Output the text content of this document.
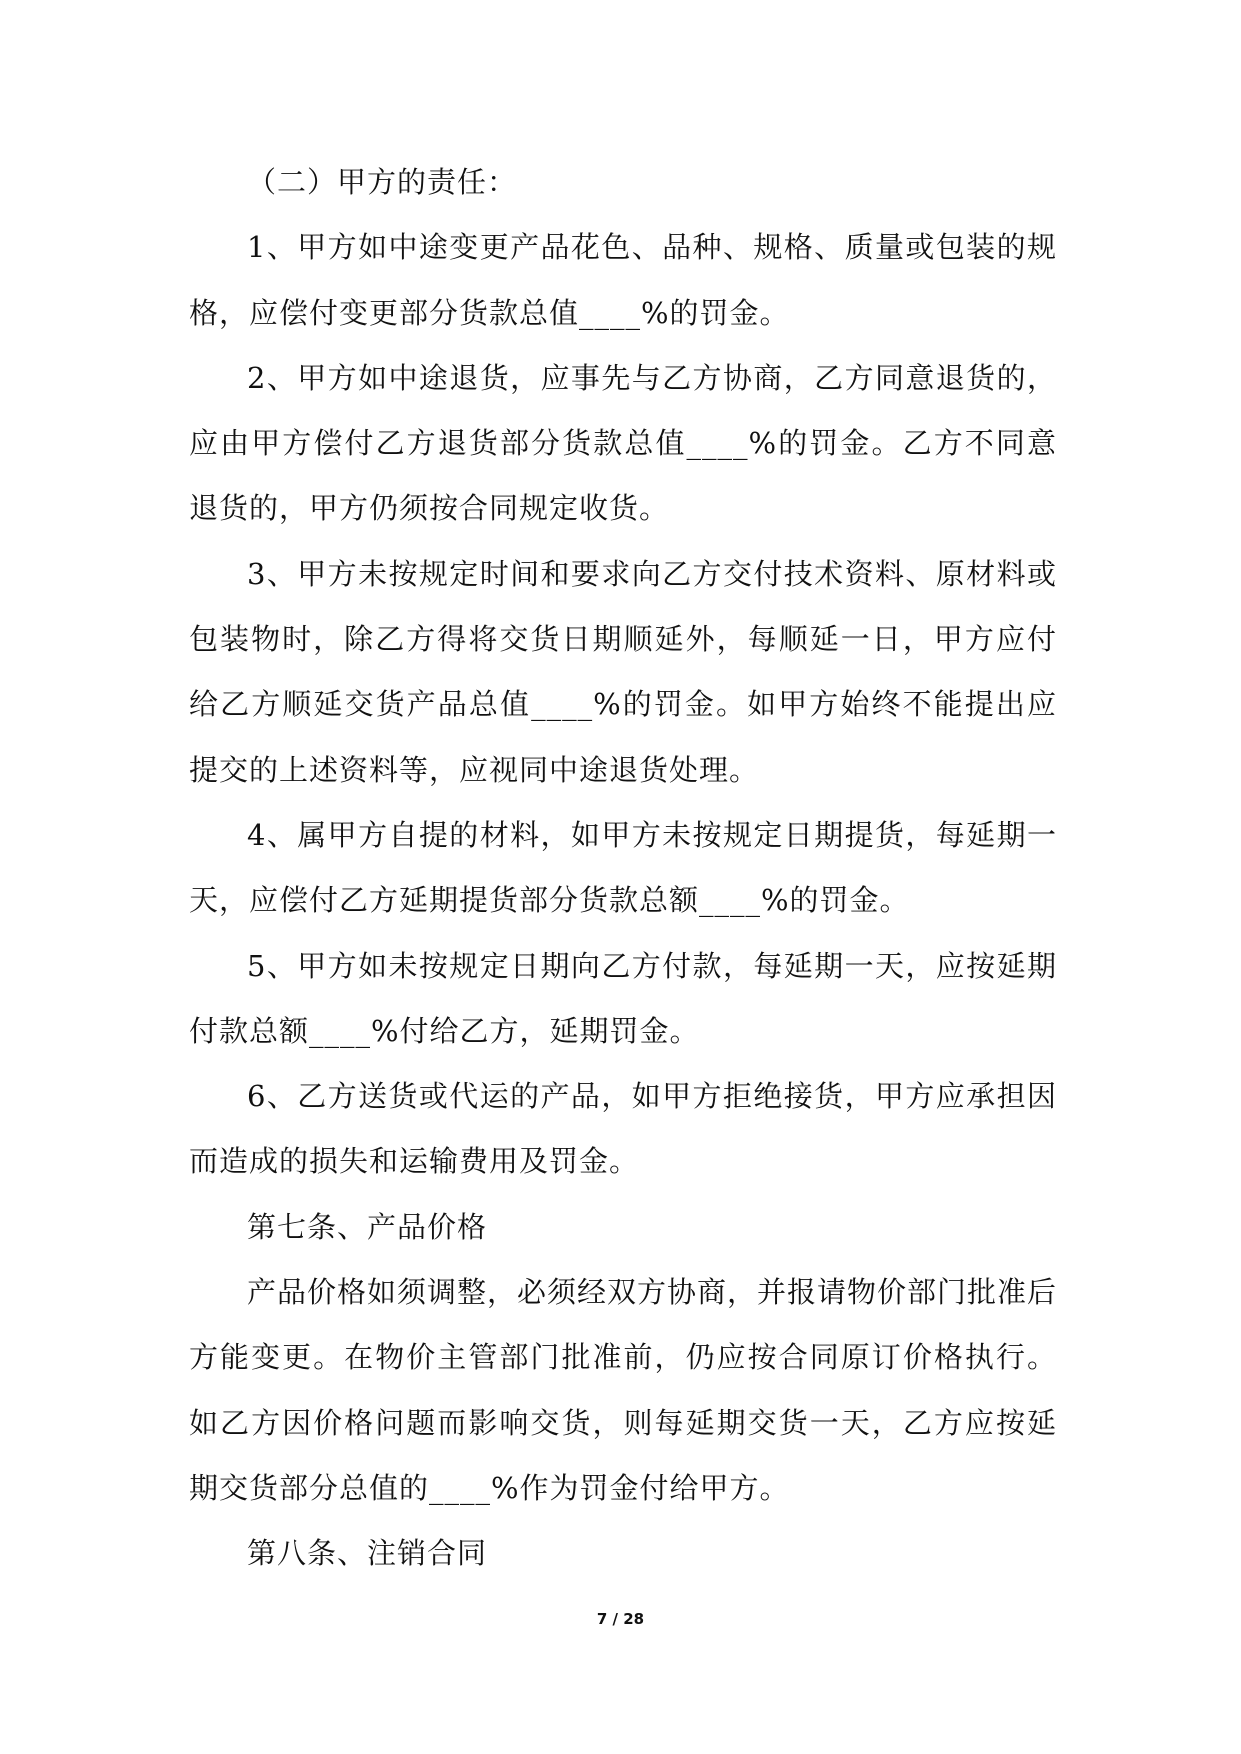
（二）甲方的责任：

1、甲方如中途变更产品花色、品种、规格、质量或包装的规格，应偿付变更部分货款总值____%的罚金。

2、甲方如中途退货，应事先与乙方协商，乙方同意退货的，应由甲方偿付乙方退货部分货款总值____%的罚金。乙方不同意退货的，甲方仍须按合同规定收货。

3、甲方未按规定时间和要求向乙方交付技术资料、原材料或包装物时，除乙方得将交货日期顺延外，每顺延一日，甲方应付给乙方顺延交货产品总值____%的罚金。如甲方始终不能提出应提交的上述资料等，应视同中途退货处理。

4、属甲方自提的材料，如甲方未按规定日期提货，每延期一天，应偿付乙方延期提货部分货款总额____%的罚金。

5、甲方如未按规定日期向乙方付款，每延期一天，应按延期付款总额____%付给乙方，延期罚金。

6、乙方送货或代运的产品，如甲方拒绝接货，甲方应承担因而造成的损失和运输费用及罚金。

第七条、产品价格

产品价格如须调整，必须经双方协商，并报请物价部门批准后方能变更。在物价主管部门批准前，仍应按合同原订价格执行。如乙方因价格问题而影响交货，则每延期交货一天，乙方应按延期交货部分总值的____%作为罚金付给甲方。

第八条、注销合同

7 / 28
